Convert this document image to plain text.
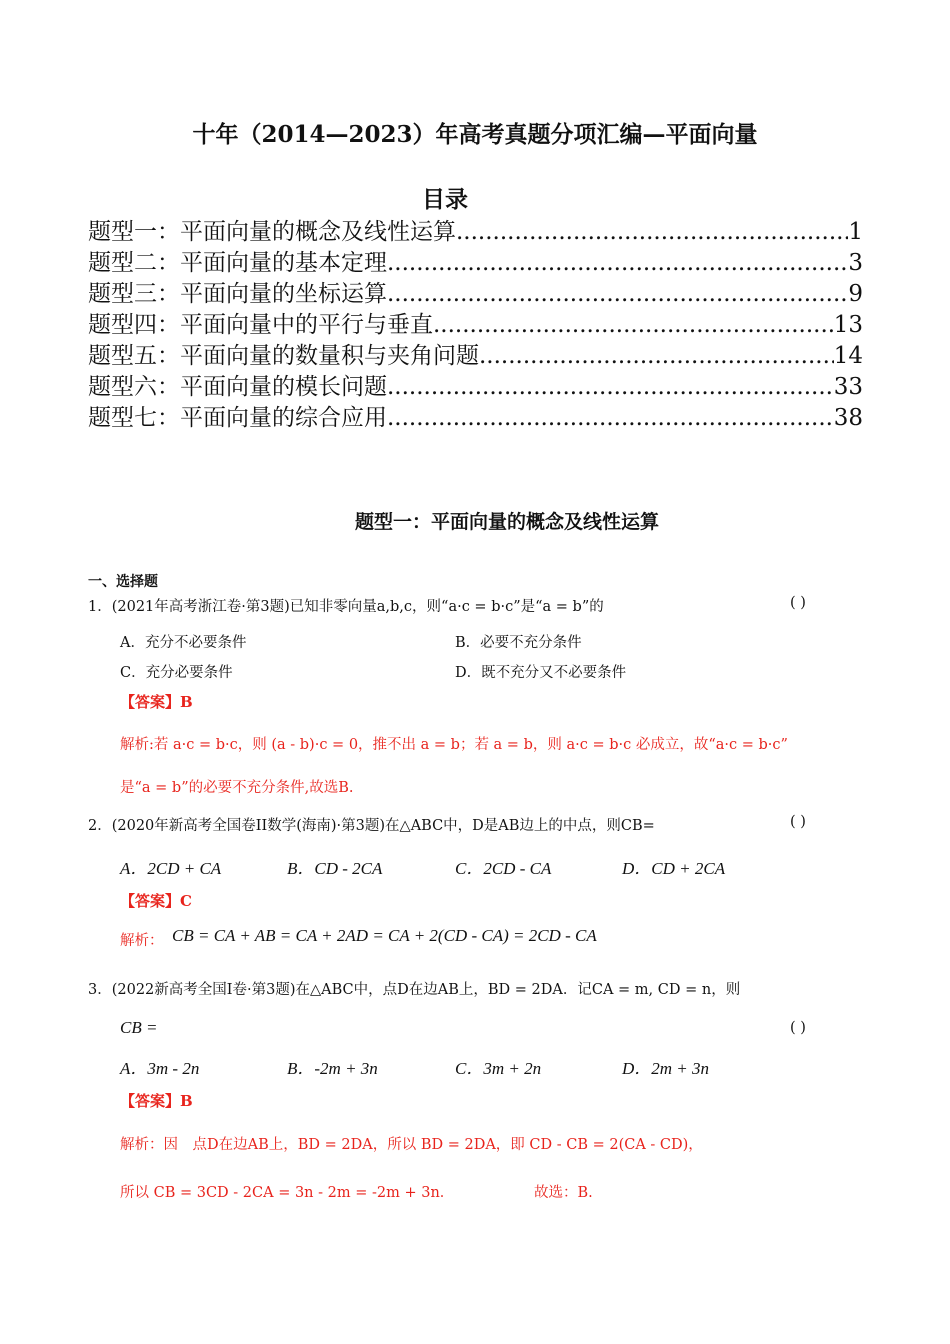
十年（2014—2023）年高考真题分项汇编—平面向量
目录
题型一：平面向量的概念及线性运算 .....	1
题型二：平面向量的基本定理 .....	3
题型三：平面向量的坐标运算 .....	9
题型四：平面向量中的平行与垂直 .....	13
题型五：平面向量的数量积与夹角问题 .....	14
题型六：平面向量的模长问题 .....	33
题型七：平面向量的综合应用 .....	38
题型一：平面向量的概念及线性运算
一、选择题
1．(2021年高考浙江卷·第3题)已知非零向量a,b,c，则“a·c = b·c”是“a = b”的	( )
A．充分不必要条件	B．必要不充分条件
C．充分必要条件	D．既不充分又不必要条件
【答案】B
解析:若 a·c = b·c，则 (a - b)·c = 0，推不出 a = b；若 a = b，则 a·c = b·c 必成立，故“a·c = b·c”
是“a = b”的必要不充分条件,故选B.
2．(2020年新高考全国卷II数学(海南)·第3题)在△ABC中，D是AB边上的中点，则CB=	( )
A．2CD + CA	B．CD - 2CA	C．2CD - CA	D．CD + 2CA
【答案】C
解析： CB = CA + AB = CA + 2AD = CA + 2(CD - CA) = 2CD - CA
3．(2022新高考全国I卷·第3题)在△ABC中，点D在边AB上，BD = 2DA．记CA = m, CD = n，则
CB =	( )
A．3m - 2n	B．-2m + 3n	C．3m + 2n	D．2m + 3n
【答案】B
解析：因　点D在边AB上，BD = 2DA，所以 BD = 2DA，即 CD - CB = 2(CA - CD)，
所以 CB = 3CD - 2CA = 3n - 2m = -2m + 3n．	故选：B.
